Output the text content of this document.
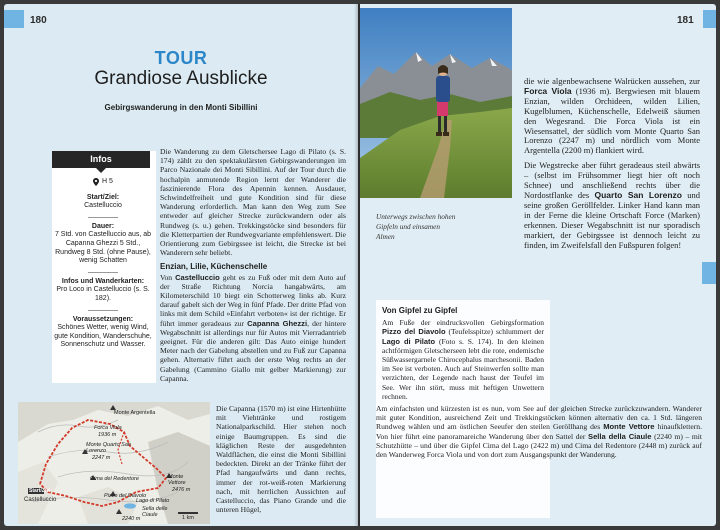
180
TOUR
Grandiose Ausblicke
Gebirgswanderung in den Monti Sibillini
Infos
H 5
Start/Ziel:
Castelluccio
Dauer:
7 Std. von Castelluccio aus, ab Capanna Ghezzi 5 Std., Rundweg 8 Std. (ohne Pause), wenig Schatten
Infos und Wanderkarten:
Pro Loco in Castelluccio (s. S. 182).
Voraussetzungen:
Schönes Wetter, wenig Wind, gute Kondition, Wanderschuhe, Sonnenschutz und Wasser.

Die Wanderung zu dem Gletschersee Lago di Pilato (s. S. 174) zählt zu den spektakulärsten Gebirgswanderungen im Parco Nazionale dei Monti Sibillini. Auf der Tour durch die hochalpin anmutende Region lernt der Wanderer die faszinierende Flora des Apennin kennen. Ausdauer, Schwindelfreiheit und gute Kondition sind für diese Wanderung erforderlich. Man kann den Weg zum See entweder auf gleicher Strecke zurückwandern oder als Rundweg (s. u.) gehen. Trekkingstöcke sind besonders für die Kletterpartien der Rundwegvariante empfehlenswert. Die Orientierung zum Gebirgssee ist leicht, die Strecke ist bei Wanderern sehr beliebt.

Enzian, Lilie, Küchenschelle

Von Castelluccio geht es zu Fuß oder mit dem Auto auf der Straße Richtung Norcia hangabwärts, am Kilometerschild 10 biegt ein Schotterweg links ab. Kurz darauf gabelt sich der Weg in fünf Pfade. Der dritte Pfad von links mit dem Schild »Einfahrt verboten« ist der richtige. Er führt immer geradeaus zur Capanna Ghezzi, der hintere Wegabschnitt ist allerdings nur für Autos mit Vierradantrieb geeignet. Für die anderen gilt: Das Auto einige hundert Meter nach der Gabelung abstellen und zu Fuß zur Capanna gehen. Alternativ führt auch der erste Weg rechts an der Gabelung (Cammino Giallo mit gelber Markierung) zur Capanna.

Die Capanna (1570 m) ist eine Hirtenhütte mit Viehtränke und rostigem Nationalparkschild. Hier stehen noch einige Baumgruppen. Es sind die kläglichen Reste der ausgedehnten Waldflächen, die einst die Monti Sibillini bedeckten. Direkt an der Tränke führt der Pfad hangaufwärts und dann rechts, immer der rot-weiß-roten Markierung nach, mit herrlichen Aussichten auf Castelluccio, das Piano Grande und die unteren Hügel,

Monte Argentella
Forca Viola
1936 m
Monte Quarto San Lorenzo
2247 m
Cima del Redentore	Monte Vettore
2476 m
Pizzo del Diavolo
Lago di Pilato
Sella delle Ciaule
2240 m
Start/Ziel
Castelluccio
1 km
181
Unterwegs zwischen hohen Gipfeln und einsamen Almen

die wie algenbewachsene Walrücken aussehen, zur Forca Viola (1936 m). Bergwiesen mit blauem Enzian, wilden Orchideen, wilden Lilien, Kugelblumen, Küchenschelle, Edelweiß säumen den Wegesrand. Die Forca Viola ist ein Wiesensattel, der südlich vom Monte Quarto San Lorenzo (2247 m) und nördlich vom Monte Argentella (2200 m) flankiert wird.

Die Wegstrecke aber führt geradeaus steil abwärts – (selbst im Frühsommer liegt hier oft noch Schnee) und anschließend rechts über die Nordostflanke des Quarto San Lorenzo und seine großen Geröllfelder. Linker Hand kann man in der Ferne die kleine Ortschaft Force (Marken) erkennen. Dieser Wegabschnitt ist nur sporadisch markiert, der Gebirgssee ist dennoch leicht zu finden, im Zweifelsfall den Fußspuren folgen!

Von Gipfel zu Gipfel

Am Fuße der eindrucksvollen Gebirgsformation Pizzo del Diavolo (Teufelsspitze) schlummert der Lago di Pilato (Foto s. S. 174). In den kleinen achtförmigen Gletscherseen lebt die rote, endemische Süßwassergarnele Chirocephalus marchesonii. Baden im See ist verboten. Auch auf Steinwerfen sollte man verzichten, der Legende nach haust der Teufel im See. Wer ihn stört, muss mit heftigen Unwettern rechnen.

Am einfachsten und kürzesten ist es nun, vom See auf der gleichen Strecke zurückzuwandern. Wanderer mit guter Kondition, ausreichend Zeit und Trekkingstöcken können alternativ den ca. 1 Std. längeren Rundweg wählen und am östlichen Seeufer den steilen Geröllhang des Monte Vettore hinaufklettern. Von hier führt eine panoramareiche Wanderung über den Sattel der Sella della Ciaule (2240 m) – mit Schutzhütte – und über die Gipfel Cima del Lago (2422 m) und Cima del Redentore (2448 m) zurück auf den Wanderweg Forca Viola und von dort zum Ausgangspunkt der Wanderung.
